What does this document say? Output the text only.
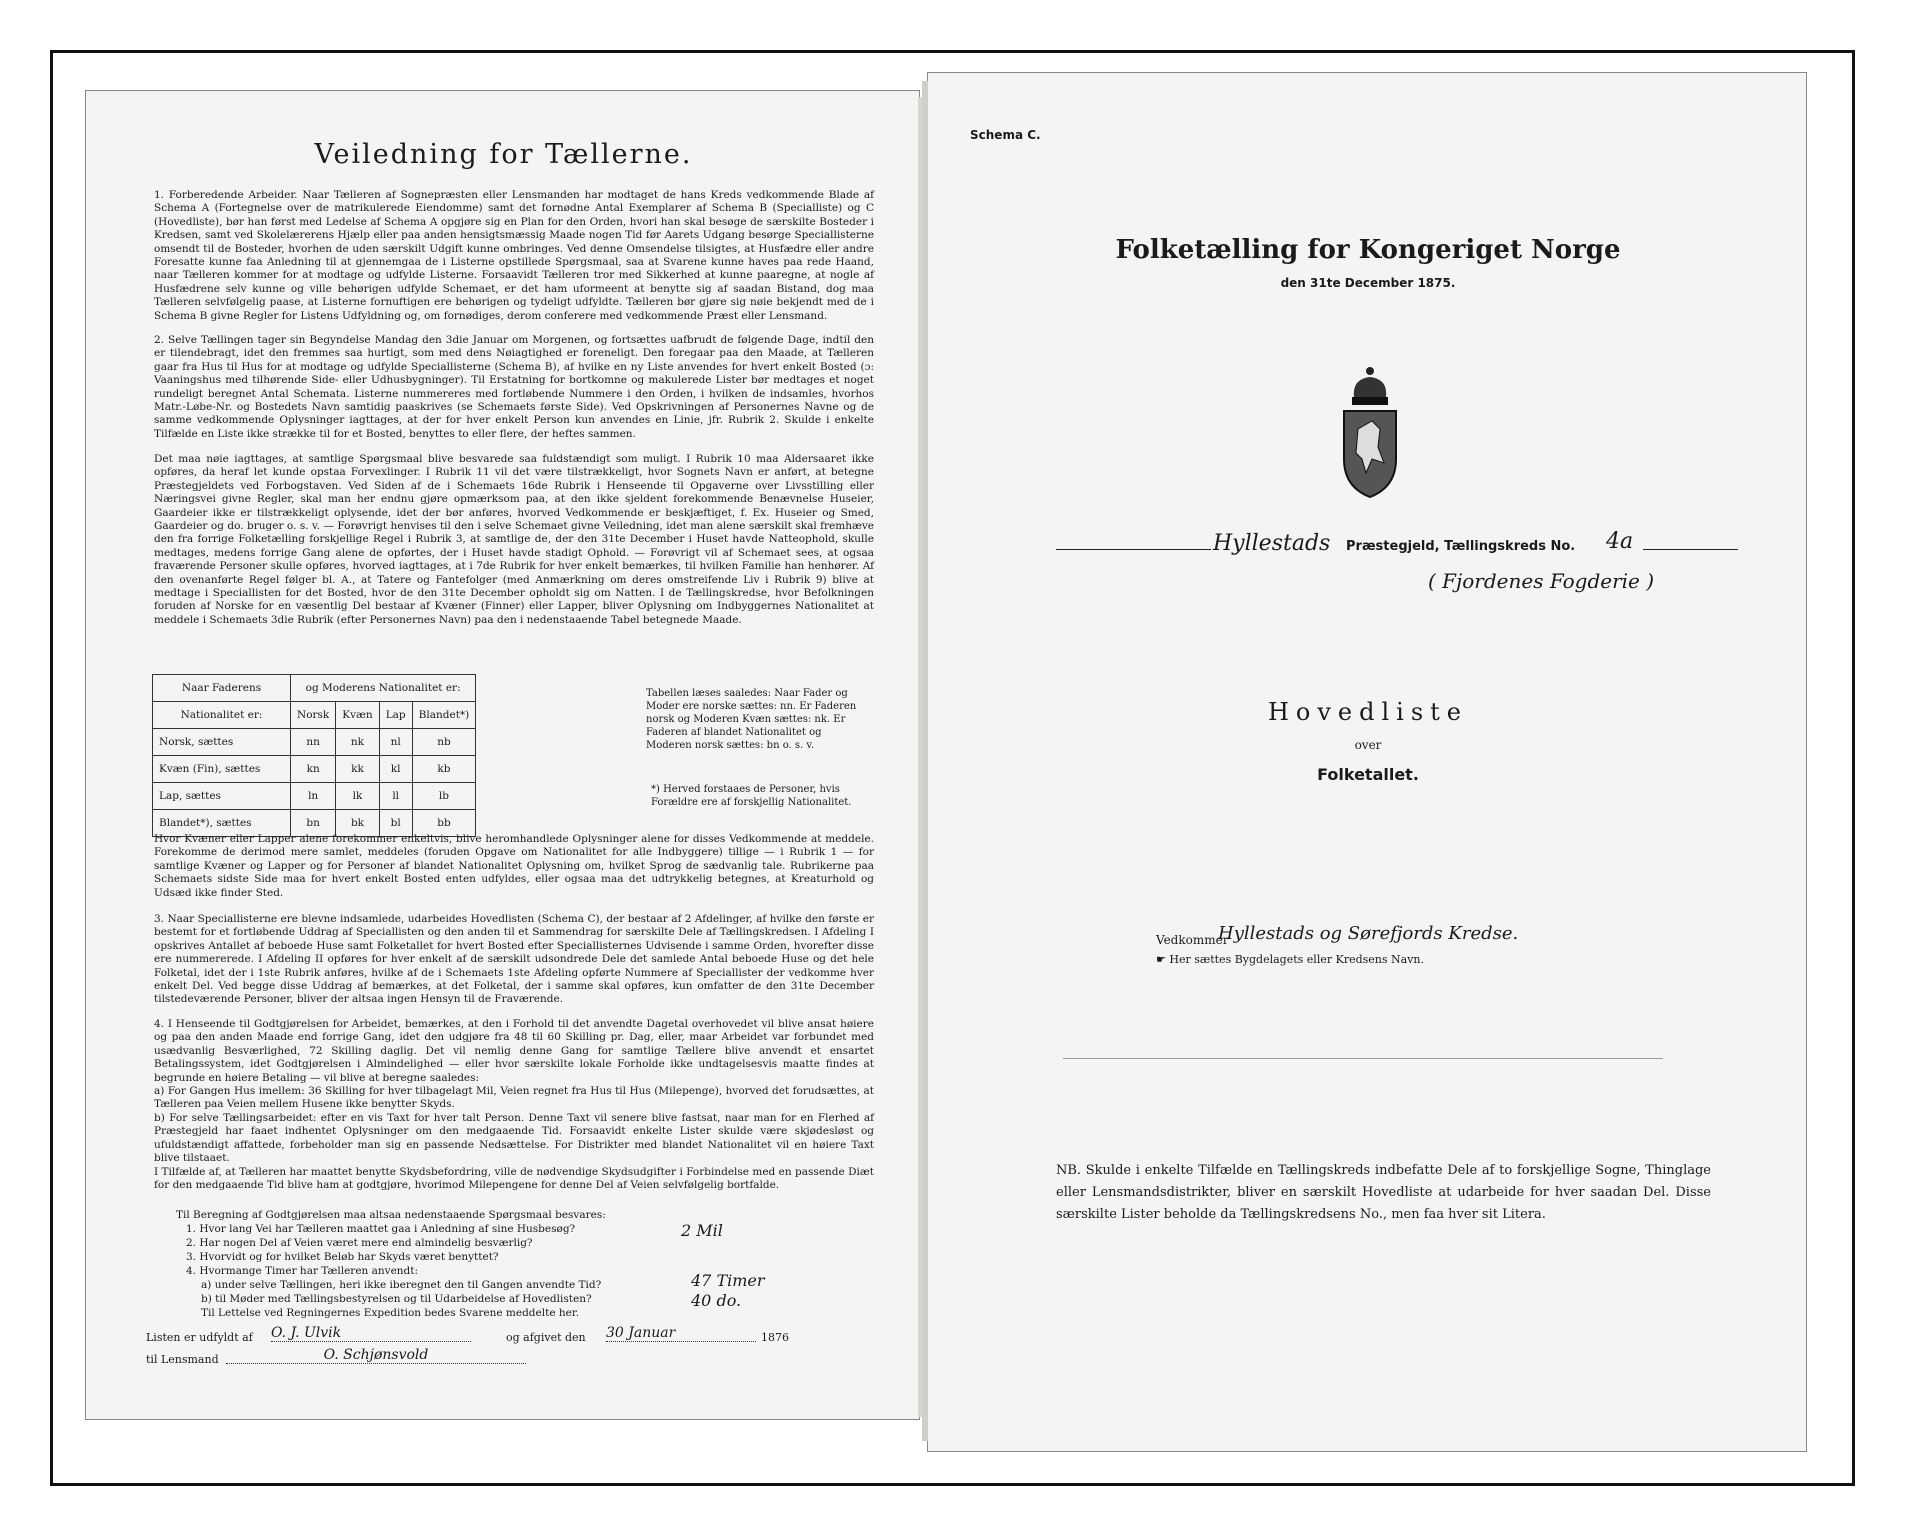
Veiledning for Tællerne.
1. Forberedende Arbeider. Naar Tælleren af Sognepræsten eller Lensmanden har modtaget de hans Kreds vedkommende Blade af Schema A (Fortegnelse over de matrikulerede Eiendomme) samt det fornødne Antal Exemplarer af Schema B (Specialliste) og C (Hovedliste), bør han først med Ledelse af Schema A opgjøre sig en Plan for den Orden, hvori han skal besøge de særskilte Bosteder i Kredsen, samt ved Skolelærerens Hjælp eller paa anden hensigtsmæssig Maade nogen Tid før Aarets Udgang besørge Speciallisterne omsendt til de Bosteder, hvorhen de uden særskilt Udgift kunne ombringes. Ved denne Omsendelse tilsigtes, at Husfædre eller andre Foresatte kunne faa Anledning til at gjennemgaa de i Listerne opstillede Spørgsmaal, saa at Svarene kunne haves paa rede Haand, naar Tælleren kommer for at modtage og udfylde Listerne. Forsaavidt Tælleren tror med Sikkerhed at kunne paaregne, at nogle af Husfædrene selv kunne og ville behørigen udfylde Schemaet, er det ham uformeent at benytte sig af saadan Bistand, dog maa Tælleren selvfølgelig paase, at Listerne fornuftigen ere behørigen og tydeligt udfyldte. Tælleren bør gjøre sig nøie bekjendt med de i Schema B givne Regler for Listens Udfyldning og, om fornødiges, derom conferere med vedkommende Præst eller Lensmand.
2. Selve Tællingen tager sin Begyndelse Mandag den 3die Januar om Morgenen, og fortsættes uafbrudt de følgende Dage, indtil den er tilendebragt, idet den fremmes saa hurtigt, som med dens Nøiagtighed er foreneligt. Den foregaar paa den Maade, at Tælleren gaar fra Hus til Hus for at modtage og udfylde Speciallisterne (Schema B), af hvilke en ny Liste anvendes for hvert enkelt Bosted (ɔ: Vaaningshus med tilhørende Side- eller Udhusbygninger). Til Erstatning for bortkomne og makulerede Lister bør medtages et noget rundeligt beregnet Antal Schemata. Listerne nummereres med fortløbende Nummere i den Orden, i hvilken de indsamles, hvorhos Matr.-Løbe-Nr. og Bostedets Navn samtidig paaskrives (se Schemaets første Side). Ved Opskrivningen af Personernes Navne og de samme vedkommende Oplysninger iagttages, at der for hver enkelt Person kun anvendes en Linie, jfr. Rubrik 2. Skulde i enkelte Tilfælde en Liste ikke strække til for et Bosted, benyttes to eller flere, der heftes sammen.
Det maa nøie iagttages, at samtlige Spørgsmaal blive besvarede saa fuldstændigt som muligt. I Rubrik 10 maa Aldersaaret ikke opføres, da heraf let kunde opstaa Forvexlinger. I Rubrik 11 vil det være tilstrækkeligt, hvor Sognets Navn er anført, at betegne Præstegjeldets ved Forbogstaven. Ved Siden af de i Schemaets 16de Rubrik i Henseende til Opgaverne over Livsstilling eller Næringsvei givne Regler, skal man her endnu gjøre opmærksom paa, at den ikke sjeldent forekommende Benævnelse Huseier, Gaardeier ikke er tilstrækkeligt oplysende, idet der bør anføres, hvorved Vedkommende er beskjæftiget, f. Ex. Huseier og Smed, Gaardeier og do. bruger o. s. v. — Forøvrigt henvises til den i selve Schemaet givne Veiledning, idet man alene særskilt skal fremhæve den fra forrige Folketælling forskjellige Regel i Rubrik 3, at samtlige de, der den 31te December i Huset havde Natteophold, skulle medtages, medens forrige Gang alene de opførtes, der i Huset havde stadigt Ophold. — Forøvrigt vil af Schemaet sees, at ogsaa fraværende Personer skulle opføres, hvorved iagttages, at i 7de Rubrik for hver enkelt bemærkes, til hvilken Familie han henhører. Af den ovenanførte Regel følger bl. A., at Tatere og Fantefolger (med Anmærkning om deres omstreifende Liv i Rubrik 9) blive at medtage i Speciallisten for det Bosted, hvor de den 31te December opholdt sig om Natten. I de Tællingskredse, hvor Befolkningen foruden af Norske for en væsentlig Del bestaar af Kvæner (Finner) eller Lapper, bliver Oplysning om Indbyggernes Nationalitet at meddele i Schemaets 3die Rubrik (efter Personernes Navn) paa den i nedenstaaende Tabel betegnede Maade.
Naar Faderens	og Moderens Nationalitet er:			
Nationalitet er:	Norsk	Kvæn	Lap	Blandet*)
Norsk, sættes	nn	nk	nl	nb
Kvæn (Fin), sættes	kn	kk	kl	kb
Lap, sættes	ln	lk	ll	lb
Blandet*), sættes	bn	bk	bl	bb
Tabellen læses saaledes: Naar Fader og Moder ere norske sættes: nn. Er Faderen norsk og Moderen Kvæn sættes: nk. Er Faderen af blandet Nationalitet og Moderen norsk sættes: bn o. s. v.
*) Herved forstaaes de Personer, hvis Forældre ere af forskjellig Nationalitet.
Hvor Kvæner eller Lapper alene forekommer enkeltvis, blive heromhandlede Oplysninger alene for disses Vedkommende at meddele. Forekomme de derimod mere samlet, meddeles (foruden Opgave om Nationalitet for alle Indbyggere) tillige — i Rubrik 1 — for samtlige Kvæner og Lapper og for Personer af blandet Nationalitet Oplysning om, hvilket Sprog de sædvanlig tale. Rubrikerne paa Schemaets sidste Side maa for hvert enkelt Bosted enten udfyldes, eller ogsaa maa det udtrykkelig betegnes, at Kreaturhold og Udsæd ikke finder Sted.
3. Naar Speciallisterne ere blevne indsamlede, udarbeides Hovedlisten (Schema C), der bestaar af 2 Afdelinger, af hvilke den første er bestemt for et fortløbende Uddrag af Speciallisten og den anden til et Sammendrag for særskilte Dele af Tællingskredsen. I Afdeling I opskrives Antallet af beboede Huse samt Folketallet for hvert Bosted efter Speciallisternes Udvisende i samme Orden, hvorefter disse ere nummererede. I Afdeling II opføres for hver enkelt af de særskilt udsondrede Dele det samlede Antal beboede Huse og det hele Folketal, idet der i 1ste Rubrik anføres, hvilke af de i Schemaets 1ste Afdeling opførte Nummere af Speciallister der vedkomme hver enkelt Del. Ved begge disse Uddrag af bemærkes, at det Folketal, der i samme skal opføres, kun omfatter de den 31te December tilstedeværende Personer, bliver der altsaa ingen Hensyn til de Fraværende.
4. I Henseende til Godtgjørelsen for Arbeidet, bemærkes, at den i Forhold til det anvendte Dagetal overhovedet vil blive ansat høiere og paa den anden Maade end forrige Gang, idet den udgjøre fra 48 til 60 Skilling pr. Dag, eller, maar Arbeidet var forbundet med usædvanlig Besværlighed, 72 Skilling daglig. Det vil nemlig denne Gang for samtlige Tællere blive anvendt et ensartet Betalingssystem, idet Godtgjørelsen i Almindelighed — eller hvor særskilte lokale Forholde ikke undtagelsesvis maatte findes at begrunde en høiere Betaling — vil blive at beregne saaledes:
a) For Gangen Hus imellem: 36 Skilling for hver tilbagelagt Mil, Veien regnet fra Hus til Hus (Milepenge), hvorved det forudsættes, at Tælleren paa Veien mellem Husene ikke benytter Skyds.
b) For selve Tællingsarbeidet: efter en vis Taxt for hver talt Person. Denne Taxt vil senere blive fastsat, naar man for en Flerhed af Præstegjeld har faaet indhentet Oplysninger om den medgaaende Tid. Forsaavidt enkelte Lister skulde være skjødesløst og ufuldstændigt affattede, forbeholder man sig en passende Nedsættelse. For Distrikter med blandet Nationalitet vil en høiere Taxt blive tilstaaet.
I Tilfælde af, at Tælleren har maattet benytte Skydsbefordring, ville de nødvendige Skydsudgifter i Forbindelse med en passende Diæt for den medgaaende Tid blive ham at godtgjøre, hvorimod Milepengene for denne Del af Veien selvfølgelig bortfalde.
Til Beregning af Godtgjørelsen maa altsaa nedenstaaende Spørgsmaal besvares:
1. Hvor lang Vei har Tælleren maattet gaa i Anledning af sine Husbesøg?
2. Har nogen Del af Veien været mere end almindelig besværlig?
3. Hvorvidt og for hvilket Beløb har Skyds været benyttet?
4. Hvormange Timer har Tælleren anvendt:
a) under selve Tællingen, heri ikke iberegnet den til Gangen anvendte Tid?
b) til Møder med Tællingsbestyrelsen og til Udarbeidelse af Hovedlisten?
Til Lettelse ved Regningernes Expedition bedes Svarene meddelte her.
2 Mil
47 Timer
40 do.
Listen er udfyldt af O. J. Ulvik	og afgivet den 30 Januar	1876
til Lensmand	O. Schjønsvold
Schema C.
Folketælling for Kongeriget Norge
den 31te December 1875.
Hyllestads Præstegjeld, Tællingskreds No. 4a
( Fjordenes Fogderie )
Hovedliste
over
Folketallet.
Vedkommer
Hyllestads og Sørefjords Kredse.
☛ Her sættes Bygdelagets eller Kredsens Navn.
NB. Skulde i enkelte Tilfælde en Tællingskreds indbefatte Dele af to forskjellige Sogne, Thinglage eller Lensmandsdistrikter, bliver en særskilt Hovedliste at udarbeide for hver saadan Del. Disse særskilte Lister beholde da Tællingskredsens No., men faa hver sit Litera.
